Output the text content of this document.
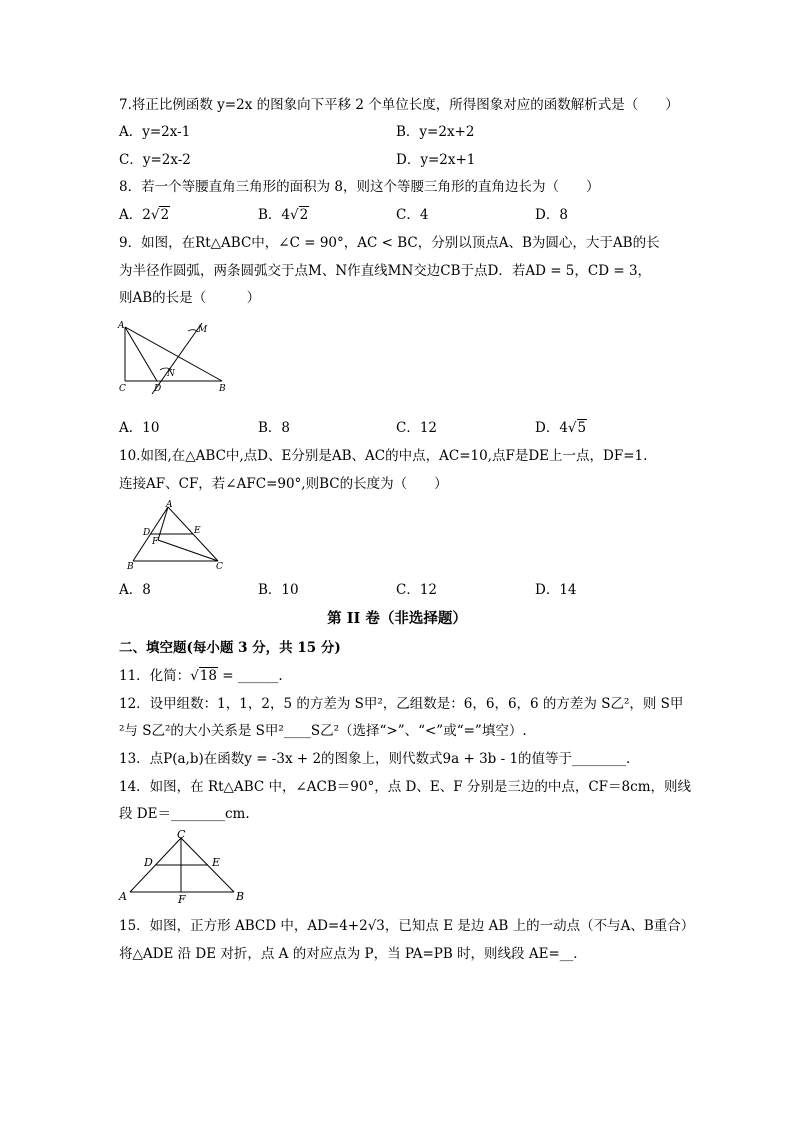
7.将正比例函数 y=2x 的图象向下平移 2 个单位长度，所得图象对应的函数解析式是（　　）
A．y=2x-1	B．y=2x+2
C．y=2x-2	D．y=2x+1
8．若一个等腰直角三角形的面积为 8，则这个等腰三角形的直角边长为（　　）
A．2√2	B．4√2	C．4	D．8
9．如图，在Rt△ABC中，∠C = 90°，AC < BC，分别以顶点A、B为圆心，大于AB的长
为半径作圆弧，两条圆弧交于点M、N作直线MN交边CB于点D．若AD = 5，CD = 3，
则AB的长是（　　　）
A	M
N
C	D	B
A．10	B．8	C．12	D．4√5
10.如图,在△ABC中,点D、E分别是AB、AC的中点，AC=10,点F是DE上一点，DF=1.
连接AF、CF，若∠AFC=90°,则BC的长度为（　　）
A
D	E
F
B	C
A．8	B．10	C．12	D．14
第 II 卷（非选择题）
二、填空题(每小题 3 分，共 15 分)
11．化简：√18 = ______.
12．设甲组数：1，1，2，5 的方差为 S甲²，乙组数是：6，6，6，6 的方差为 S乙²，则 S甲
²与 S乙²的大小关系是 S甲²____S乙²（选择“>”、“<”或“=”填空）.
13．点P(a,b)在函数y = -3x + 2的图象上，则代数式9a + 3b - 1的值等于________．
14．如图，在 Rt△ABC 中，∠ACB＝90°，点 D、E、F 分别是三边的中点，CF＝8cm，则线
段 DE＝________cm.
C
D	E
A	F	B
15．如图，正方形 ABCD 中，AD=4+2√3，已知点 E 是边 AB 上的一动点（不与A、B重合）
将△ADE 沿 DE 对折，点 A 的对应点为 P，当 PA=PB 时，则线段 AE=__．
